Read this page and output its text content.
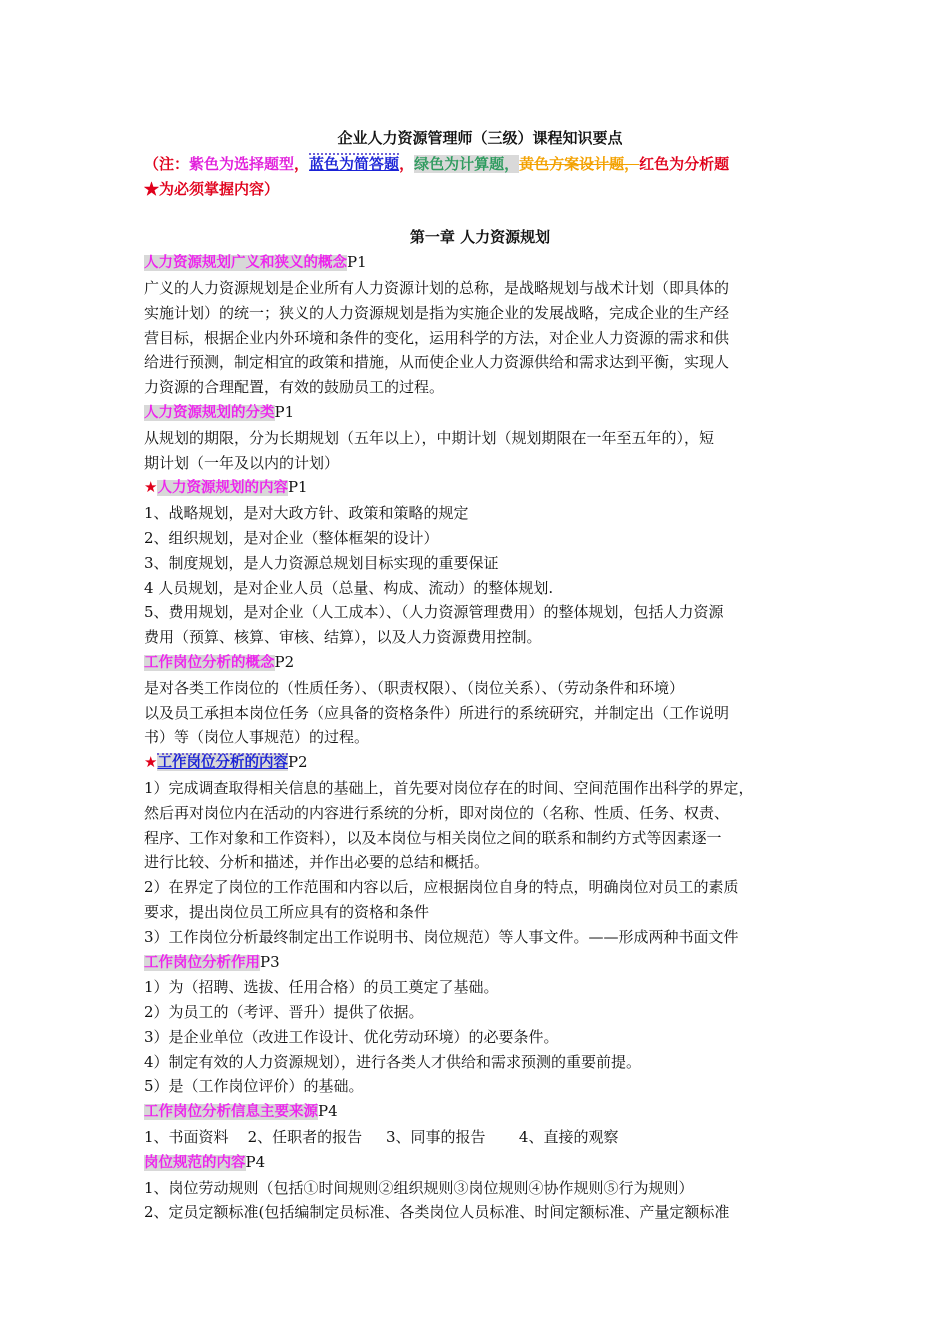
企业人力资源管理师（三级）课程知识要点
（注：紫色为选择题型，蓝色为简答题，绿色为计算题，黄色方案设计题，红色为分析题
★为必须掌握内容）
第一章 人力资源规划
人力资源规划广义和狭义的概念P1

广义的人力资源规划是企业所有人力资源计划的总称，是战略规划与战术计划（即具体的

实施计划）的统一；狭义的人力资源规划是指为实施企业的发展战略，完成企业的生产经

营目标，根据企业内外环境和条件的变化，运用科学的方法，对企业人力资源的需求和供

给进行预测，制定相宜的政策和措施，从而使企业人力资源供给和需求达到平衡，实现人

力资源的合理配置，有效的鼓励员工的过程。

人力资源规划的分类P1

从规划的期限，分为长期规划（五年以上），中期计划（规划期限在一年至五年的），短

期计划（一年及以内的计划）

★人力资源规划的内容P1

1、战略规划，是对大政方针、政策和策略的规定

2、组织规划，是对企业（整体框架的设计）

3、制度规划，是人力资源总规划目标实现的重要保证

4 人员规划，是对企业人员（总量、构成、流动）的整体规划.

5、费用规划，是对企业（人工成本）、（人力资源管理费用）的整体规划，包括人力资源

费用（预算、核算、审核、结算），以及人力资源费用控制。

工作岗位分析的概念P2

是对各类工作岗位的（性质任务）、（职责权限）、（岗位关系）、（劳动条件和环境）

以及员工承担本岗位任务（应具备的资格条件）所进行的系统研究，并制定出（工作说明

书）等（岗位人事规范）的过程。

★工作岗位分析的内容P2

1）完成调查取得相关信息的基础上，首先要对岗位存在的时间、空间范围作出科学的界定，

然后再对岗位内在活动的内容进行系统的分析，即对岗位的（名称、性质、任务、权责、

程序、工作对象和工作资料），以及本岗位与相关岗位之间的联系和制约方式等因素逐一

进行比较、分析和描述，并作出必要的总结和概括。

2）在界定了岗位的工作范围和内容以后，应根据岗位自身的特点，明确岗位对员工的素质

要求，提出岗位员工所应具有的资格和条件

3）工作岗位分析最终制定出工作说明书、岗位规范）等人事文件。——形成两种书面文件

工作岗位分析作用P3

1）为（招聘、选拔、任用合格）的员工奠定了基础。

2）为员工的（考评、晋升）提供了依据。

3）是企业单位（改进工作设计、优化劳动环境）的必要条件。

4）制定有效的人力资源规划），进行各类人才供给和需求预测的重要前提。

5）是（工作岗位评价）的基础。

工作岗位分析信息主要来源P4

1、书面资料    2、任职者的报告     3、同事的报告       4、直接的观察

岗位规范的内容P4

1、岗位劳动规则（包括①时间规则②组织规则③岗位规则④协作规则⑤行为规则）

2、定员定额标准(包括编制定员标准、各类岗位人员标准、时间定额标准、产量定额标准
